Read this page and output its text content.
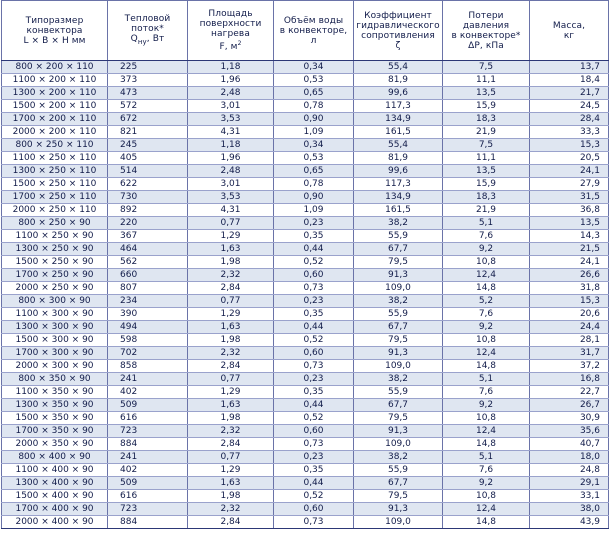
Типоразмер
конвектора
L × B × H мм	Тепловой
поток*
$Q_{ну}$, Вт	Площадь
поверхности
нагрева
F, $м^2$	Объём воды
в конвекторе,
л	Коэффициент
гидравлического
сопротивления
ζ	Потери давления
в конвекторе*
ΔP, кПа	Масса,
кг

800 × 200 × 110	225	1,18	0,34	55,4	7,5	13,7
1100 × 200 × 110	373	1,96	0,53	81,9	11,1	18,4
1300 × 200 × 110	473	2,48	0,65	99,6	13,5	21,7
1500 × 200 × 110	572	3,01	0,78	117,3	15,9	24,5
1700 × 200 × 110	672	3,53	0,90	134,9	18,3	28,4
2000 × 200 × 110	821	4,31	1,09	161,5	21,9	33,3
800 × 250 × 110	245	1,18	0,34	55,4	7,5	15,3
1100 × 250 × 110	405	1,96	0,53	81,9	11,1	20,5
1300 × 250 × 110	514	2,48	0,65	99,6	13,5	24,1
1500 × 250 × 110	622	3,01	0,78	117,3	15,9	27,9
1700 × 250 × 110	730	3,53	0,90	134,9	18,3	31,5
2000 × 250 × 110	892	4,31	1,09	161,5	21,9	36,8
800 × 250 × 90	220	0,77	0,23	38,2	5,1	13,5
1100 × 250 × 90	367	1,29	0,35	55,9	7,6	14,3
1300 × 250 × 90	464	1,63	0,44	67,7	9,2	21,5
1500 × 250 × 90	562	1,98	0,52	79,5	10,8	24,1
1700 × 250 × 90	660	2,32	0,60	91,3	12,4	26,6
2000 × 250 × 90	807	2,84	0,73	109,0	14,8	31,8
800 × 300 × 90	234	0,77	0,23	38,2	5,2	15,3
1100 × 300 × 90	390	1,29	0,35	55,9	7,6	20,6
1300 × 300 × 90	494	1,63	0,44	67,7	9,2	24,4
1500 × 300 × 90	598	1,98	0,52	79,5	10,8	28,1
1700 × 300 × 90	702	2,32	0,60	91,3	12,4	31,7
2000 × 300 × 90	858	2,84	0,73	109,0	14,8	37,2
800 × 350 × 90	241	0,77	0,23	38,2	5,1	16,8
1100 × 350 × 90	402	1,29	0,35	55,9	7,6	22,7
1300 × 350 × 90	509	1,63	0,44	67,7	9,2	26,7
1500 × 350 × 90	616	1,98	0,52	79,5	10,8	30,9
1700 × 350 × 90	723	2,32	0,60	91,3	12,4	35,6
2000 × 350 × 90	884	2,84	0,73	109,0	14,8	40,7
800 × 400 × 90	241	0,77	0,23	38,2	5,1	18,0
1100 × 400 × 90	402	1,29	0,35	55,9	7,6	24,8
1300 × 400 × 90	509	1,63	0,44	67,7	9,2	29,1
1500 × 400 × 90	616	1,98	0,52	79,5	10,8	33,1
1700 × 400 × 90	723	2,32	0,60	91,3	12,4	38,0
2000 × 400 × 90	884	2,84	0,73	109,0	14,8	43,9
